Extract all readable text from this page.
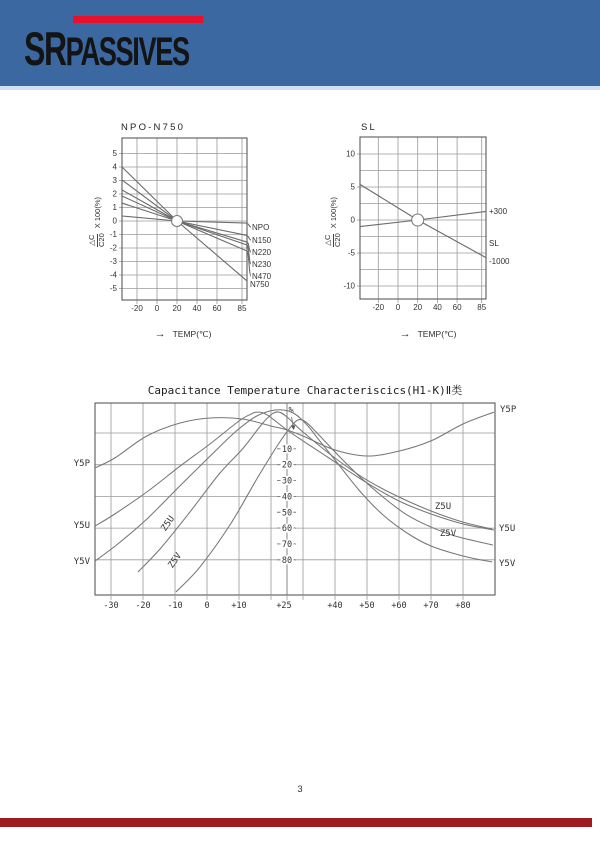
SRPASSIVES
NPO-N750	SL
△C C20
X 100(%)
△C C20
X 100(%)
→ TEMP(℃)	→ TEMP(℃)
Capacitance Temperature Characteriscics(H1-K)Ⅱ类
-20 0 20 40 60 85
5
4
3
2
1
0
-1
-2
-3
-4
-5
NPO
N150
N220
N230
N470
N750
-20 0 20 40 60 85
10
5
0
-5
-10
+300
SL
-1000
10
20
30
40
50
60
70
80
%
-30 -20 -10	0	+10	+25	+40 +50 +60 +70 +80
Y5P
Y5U
Y5V
Y5P
Y5U
Y5V
Z5U
Z5V
Z5U
Z5V
3
